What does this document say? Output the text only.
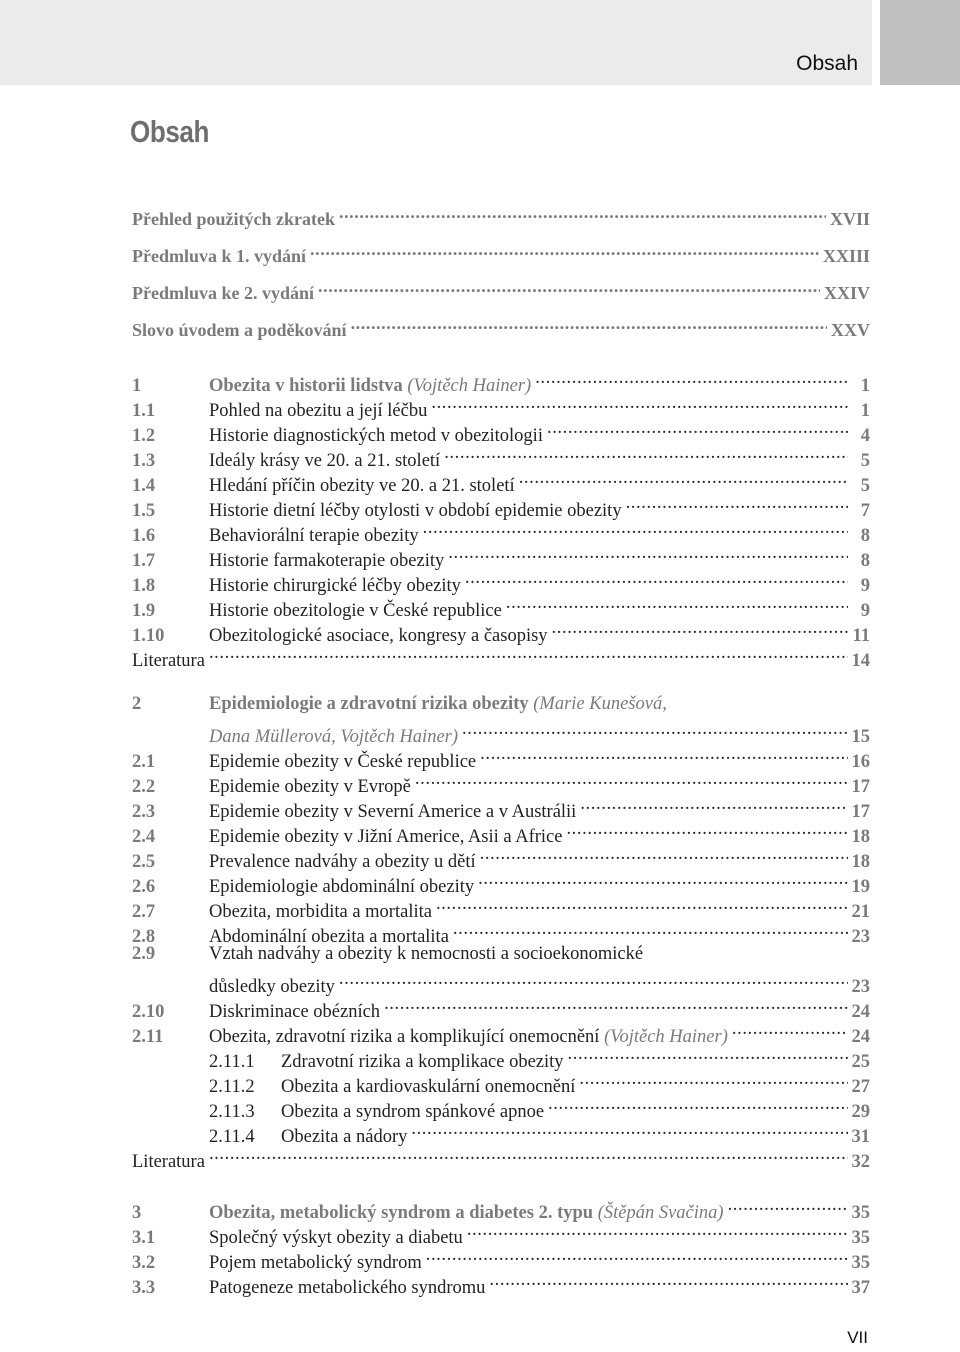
Obsah
Obsah
Přehled použitých zkratek .....	XVII
Předmluva k 1. vydání .....	XXIII
Předmluva ke 2. vydání .....	XXIV
Slovo úvodem a poděkování .....	XXV
1	Obezita v historii lidstva (Vojtěch Hainer) .....	1
1.1	Pohled na obezitu a její léčbu .....	1
1.2	Historie diagnostických metod v obezitologii .....	4
1.3	Ideály krásy ve 20. a 21. století .....	5
1.4	Hledání příčin obezity ve 20. a 21. století .....	5
1.5	Historie dietní léčby otylosti v období epidemie obezity .....	7
1.6	Behaviorální terapie obezity .....	8
1.7	Historie farmakoterapie obezity .....	8
1.8	Historie chirurgické léčby obezity .....	9
1.9	Historie obezitologie v České republice .....	9
1.10	Obezitologické asociace, kongresy a časopisy .....	11
Literatura .....	14
2	Epidemiologie a zdravotní rizika obezity (Marie Kunešová,
Dana Müllerová, Vojtěch Hainer) .....	15
2.1	Epidemie obezity v České republice .....	16
2.2	Epidemie obezity v Evropě .....	17
2.3	Epidemie obezity v Severní Americe a v Austrálii .....	17
2.4	Epidemie obezity v Jižní Americe, Asii a Africe .....	18
2.5	Prevalence nadváhy a obezity u dětí .....	18
2.6	Epidemiologie abdominální obezity .....	19
2.7	Obezita, morbidita a mortalita .....	21
2.8	Abdominální obezita a mortalita .....	23
2.9	Vztah nadváhy a obezity k nemocnosti a socioekonomické
důsledky obezity .....	23
2.10	Diskriminace obézních .....	24
2.11	Obezita, zdravotní rizika a komplikující onemocnění (Vojtěch Hainer) .....	24
2.11.1	Zdravotní rizika a komplikace obezity .....	25
2.11.2	Obezita a kardiovaskulární onemocnění .....	27
2.11.3	Obezita a syndrom spánkové apnoe .....	29
2.11.4	Obezita a nádory .....	31
Literatura .....	32
3	Obezita, metabolický syndrom a diabetes 2. typu (Štěpán Svačina) .....	35
3.1	Společný výskyt obezity a diabetu .....	35
3.2	Pojem metabolický syndrom .....	35
3.3	Patogeneze metabolického syndromu .....	37
VII
